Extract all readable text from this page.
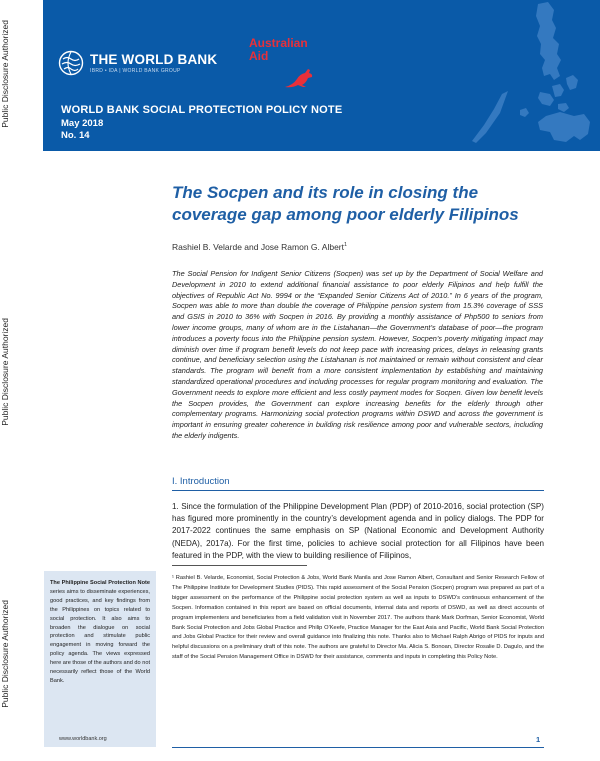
Public Disclosure Authorized
Public Disclosure Authorized
Public Disclosure Authorized
THE WORLD BANK
IBRD • IDA | WORLD BANK GROUP
Australian
Aid
WORLD BANK SOCIAL PROTECTION POLICY NOTE
May 2018
No. 14
The Socpen and its role in closing the
coverage gap among poor elderly Filipinos
Rashiel B. Velarde and Jose Ramon G. Albert$^1$
The Social Pension for Indigent Senior Citizens (Socpen) was set up by the Department of Social Welfare and Development in 2010 to extend additional financial assistance to poor elderly Filipinos and help fulfill the objectives of Republic Act No. 9994 or the “Expanded Senior Citizens Act of 2010.” In 6 years of the program, Socpen was able to more than double the coverage of Philippine pension system from 15.3% coverage of SSS and GSIS in 2010 to 36% with Socpen in 2016. By providing a monthly assistance of Php500 to seniors from lower income groups, many of whom are in the Listahanan—the Government’s database of poor—the program introduces a poverty focus into the Philippine pension system. However, Socpen’s poverty mitigating impact may diminish over time if program benefit levels do not keep pace with increasing prices, delays in releasing grants continue, and beneficiary selection using the Listahanan is not maintained or remain without consistent and clear standards. The program will benefit from a more consistent implementation by establishing and maintaining standardized operational procedures and including processes for regular program monitoring and evaluation. The Government needs to explore more efficient and less costly payment modes for Socpen. Given low benefit levels the Socpen provides, the Government can explore increasing benefits for the elderly through other complementary programs. Harmonizing social protection programs within DSWD and across the government is important in ensuring greater coherence in building risk resilience among poor and vulnerable sectors, including the elderly indigents.
I. Introduction
1. Since the formulation of the Philippine Development Plan (PDP) of 2010-2016, social protection (SP) has figured more prominently in the country’s development agenda and in policy dialogs. The PDP for 2017-2022 continues the same emphasis on SP (National Economic and Development Authority (NEDA), 2017a). For the first time, policies to achieve social protection for all Filipinos have been featured in the PDP, with the view to building resilience of Filipinos,
¹ Rashiel B. Velarde, Economist, Social Protection & Jobs, World Bank Manila and Jose Ramon Albert, Consultant and Senior Research Fellow of The Philippine Institute for Development Studies (PIDS). This rapid assessment of the Social Pension (Socpen) program was prepared as part of a bigger assessment on the performance of the Philippine social protection system as well as inputs to DSWD’s continuous enhancement of the Socpen. Information contained in this report are based on official documents, internal data and reports of DSWD, as well as direct accounts of program implementers and beneficiaries from a field validation visit in November 2017. The authors thank Mark Dorfman, Senior Economist, World Bank Social Protection and Jobs Global Practice and Philip O’Keefe, Practice Manager for the East Asia and Pacific, World Bank Social Protection and Jobs Global Practice for their review and overall guidance into finalizing this note. Thanks also to Michael Ralph Abrigo of PIDS for inputs and helpful discussions on a preliminary draft of this note. The authors are grateful to Director Ma. Alicia S. Bonoan, Director Rosalie D. Dagulo, and the staff of the Social Pension Management Office in DSWD for their assistance, comments and inputs in completing this Policy Note.

The Philippine Social Protection Note series aims to disseminate experiences, good practices, and key findings from the Philippines on topics related to social protection. It also aims to broaden the dialogue on social protection and stimulate public engagement in moving forward the policy agenda. The views expressed here are those of the authors and do not necessarily reflect those of the World Bank.

www.worldbank.org	1
